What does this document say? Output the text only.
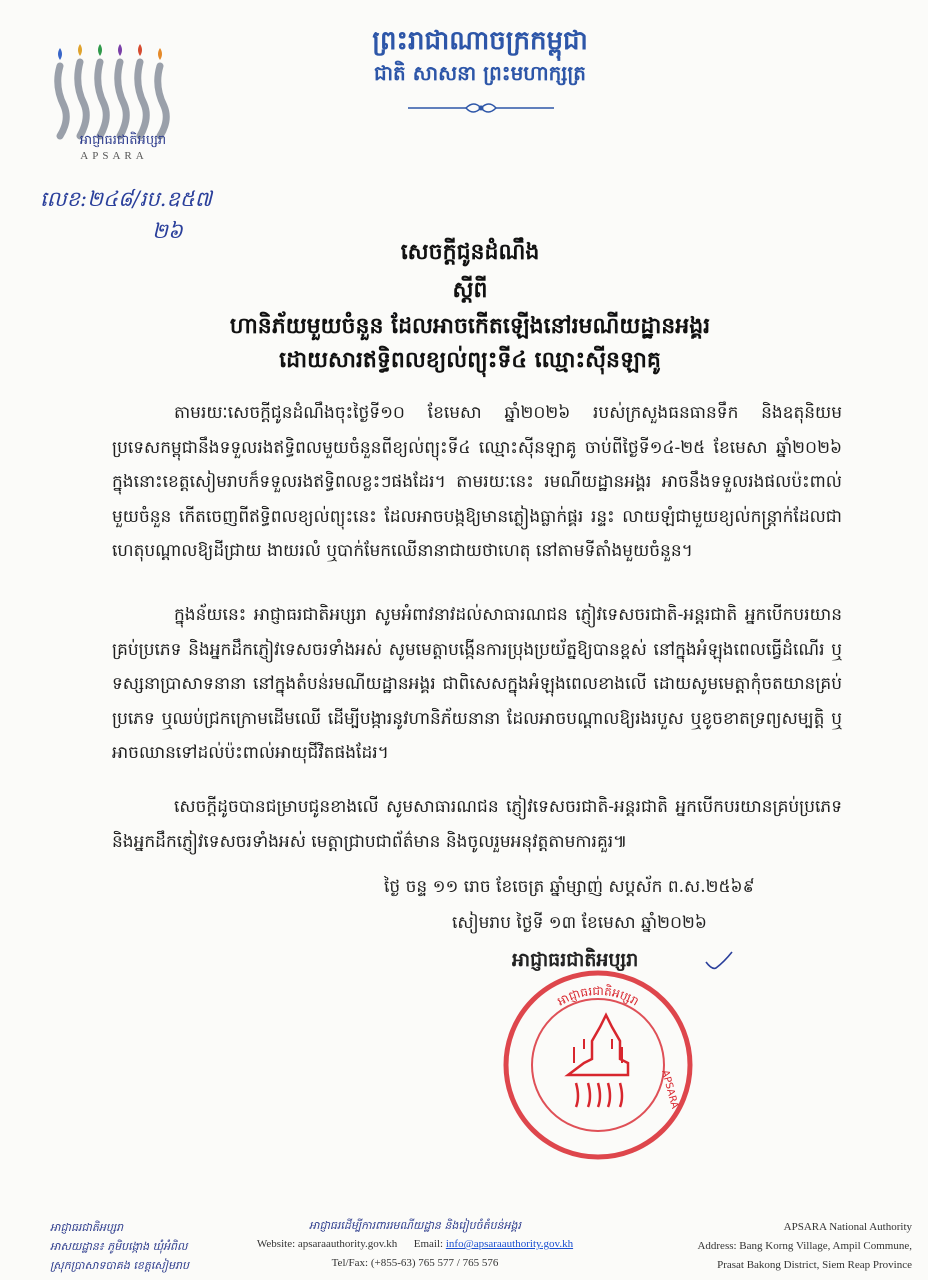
អាជ្ញាធរជាតិអប្សរា
APSARA
ព្រះរាជាណាចក្រកម្ពុជា
ជាតិ សាសនា ព្រះមហាក្សត្រ
លេខ:២៤៨/រប.ឧ៥៧
២៦
សេចក្តីជូនដំណឹង
ស្តីពី
ហានិភ័យមួយចំនួន ដែលអាចកើតឡើងនៅរមណីយដ្ឋានអង្គរ
ដោយសារឥទ្ធិពលខ្យល់ព្យុះទី៤ ឈ្មោះស៊ីនឡាគូ
តាមរយៈសេចក្តីជូនដំណឹងចុះថ្ងៃទី១០ ខែមេសា ឆ្នាំ២០២៦ របស់ក្រសួងធនធានទឹក និងឧតុនិយម ប្រទេសកម្ពុជានឹងទទួលរងឥទ្ធិពលមួយចំនួនពីខ្យល់ព្យុះទី៤ ឈ្មោះស៊ីនឡាគូ ចាប់ពីថ្ងៃទី១៤-២៥ ខែមេសា ឆ្នាំ២០២៦ ក្នុងនោះខេត្តសៀមរាបក៏ទទួលរងឥទ្ធិពលខ្លះៗផងដែរ។ តាមរយៈនេះ រមណីយដ្ឋានអង្គរ អាចនឹងទទួលរងផលប៉ះពាល់មួយចំនួន កើតចេញពីឥទ្ធិពលខ្យល់ព្យុះនេះ ដែលអាចបង្កឱ្យមានភ្លៀងធ្លាក់ផ្គរ រន្ទះ លាយឡំជាមួយខ្យល់កន្ត្រាក់ដែលជាហេតុបណ្តាលឱ្យដីជ្រាយ ងាយរលំ ឬបាក់មែកឈើនានាជាយថាហេតុ នៅតាមទីតាំងមួយចំនួន។
ក្នុងន័យនេះ អាជ្ញាធរជាតិអប្សរា សូមអំពាវនាវដល់សាធារណជន ភ្ញៀវទេសចរជាតិ-អន្តរជាតិ អ្នកបើកបរយានគ្រប់ប្រភេទ និងអ្នកដឹកភ្ញៀវទេសចរទាំងអស់ សូមមេត្តាបង្កើនការប្រុងប្រយ័ត្នឱ្យបានខ្ពស់ នៅក្នុងអំឡុងពេលធ្វើដំណើរ ឬទស្សនាប្រាសាទនានា នៅក្នុងតំបន់រមណីយដ្ឋានអង្គរ ជាពិសេសក្នុងអំឡុងពេលខាងលើ ដោយសូមមេត្តាកុំចតយានគ្រប់ប្រភេទ ឬឈប់ជ្រកក្រោមដើមឈើ ដើម្បីបង្ការនូវហានិភ័យនានា ដែលអាចបណ្តាលឱ្យរងរបួស ឬខូចខាតទ្រព្យសម្បត្តិ ឬអាចឈានទៅដល់ប៉ះពាល់អាយុជីវិតផងដែរ។
សេចក្តីដូចបានជម្រាបជូនខាងលើ សូមសាធារណជន ភ្ញៀវទេសចរជាតិ-អន្តរជាតិ អ្នកបើកបរយានគ្រប់ប្រភេទ និងអ្នកដឹកភ្ញៀវទេសចរទាំងអស់ មេត្តាជ្រាបជាព័ត៌មាន និងចូលរួមអនុវត្តតាមការគួរ៕
ថ្ងៃ ចន្ទ ១១ រោច ខែចេត្រ ឆ្នាំម្សាញ់ សប្តស័ក ព.ស.២៥៦៩
សៀមរាប ថ្ងៃទី ១៣ ខែមេសា ឆ្នាំ២០២៦
អាជ្ញាធរជាតិអប្សរា
អាជ្ញាធរជាតិអប្សរា
APSARA
អាជ្ញាធរជាតិអប្សរា
អាសយដ្ឋាន៖ ភូមិបង្កោង ឃុំអំពិល
ស្រុកប្រាសាទបាគង ខេត្តសៀមរាប
អាជ្ញាធរដើម្បីការពាររមណីយដ្ឋាន និងរៀបចំតំបន់អង្គរ
Website: apsaraauthority.gov.kh Email: info@apsaraauthority.gov.kh
Tel/Fax: (+855-63) 765 577 / 765 576
APSARA National Authority
Address: Bang Korng Village, Ampil Commune,
Prasat Bakong District, Siem Reap Province
